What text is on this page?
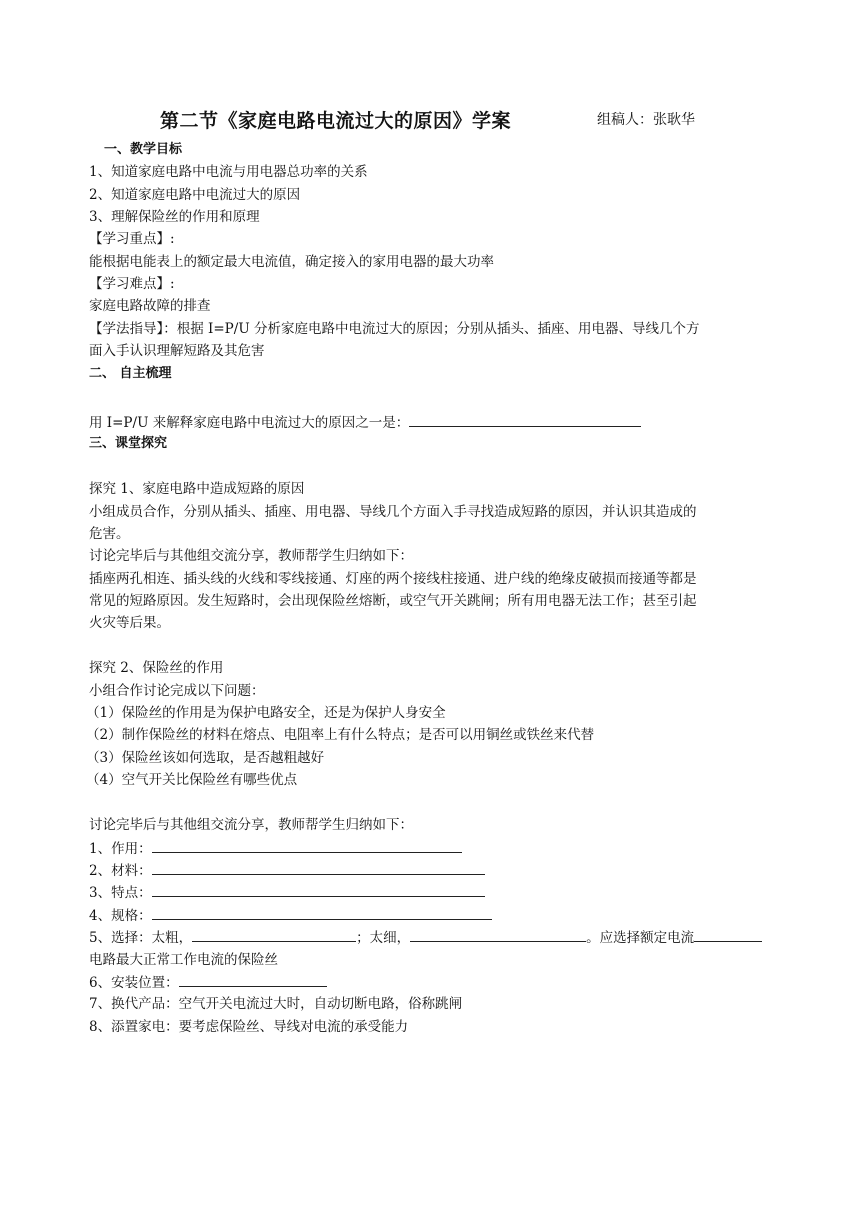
第二节《家庭电路电流过大的原因》学案	组稿人：张耿华
一、教学目标
1、知道家庭电路中电流与用电器总功率的关系
2、知道家庭电路中电流过大的原因
3、理解保险丝的作用和原理
【学习重点】:
能根据电能表上的额定最大电流值，确定接入的家用电器的最大功率
【学习难点】:
家庭电路故障的排查
【学法指导】：根据 I=P/U 分析家庭电路中电流过大的原因；分别从插头、插座、用电器、导线几个方
面入手认识理解短路及其危害
二、 自主梳理
用 I=P/U 来解释家庭电路中电流过大的原因之一是：
三、课堂探究
探究 1、家庭电路中造成短路的原因
小组成员合作，分别从插头、插座、用电器、导线几个方面入手寻找造成短路的原因，并认识其造成的
危害。
讨论完毕后与其他组交流分享，教师帮学生归纳如下：
插座两孔相连、插头线的火线和零线接通、灯座的两个接线柱接通、进户线的绝缘皮破损而接通等都是
常见的短路原因。发生短路时，会出现保险丝熔断，或空气开关跳闸；所有用电器无法工作；甚至引起
火灾等后果。
探究 2、保险丝的作用
小组合作讨论完成以下问题：
（1）保险丝的作用是为保护电路安全，还是为保护人身安全
（2）制作保险丝的材料在熔点、电阻率上有什么特点；是否可以用铜丝或铁丝来代替
（3）保险丝该如何选取，是否越粗越好
（4）空气开关比保险丝有哪些优点
讨论完毕后与其他组交流分享，教师帮学生归纳如下：
1、作用：
2、材料：
3、特点：
4、规格：
5、选择：太粗，	；太细，	。应选择额定电流
电路最大正常工作电流的保险丝
6、安装位置：
7、换代产品：空气开关电流过大时，自动切断电路，俗称跳闸
8、添置家电：要考虑保险丝、导线对电流的承受能力
